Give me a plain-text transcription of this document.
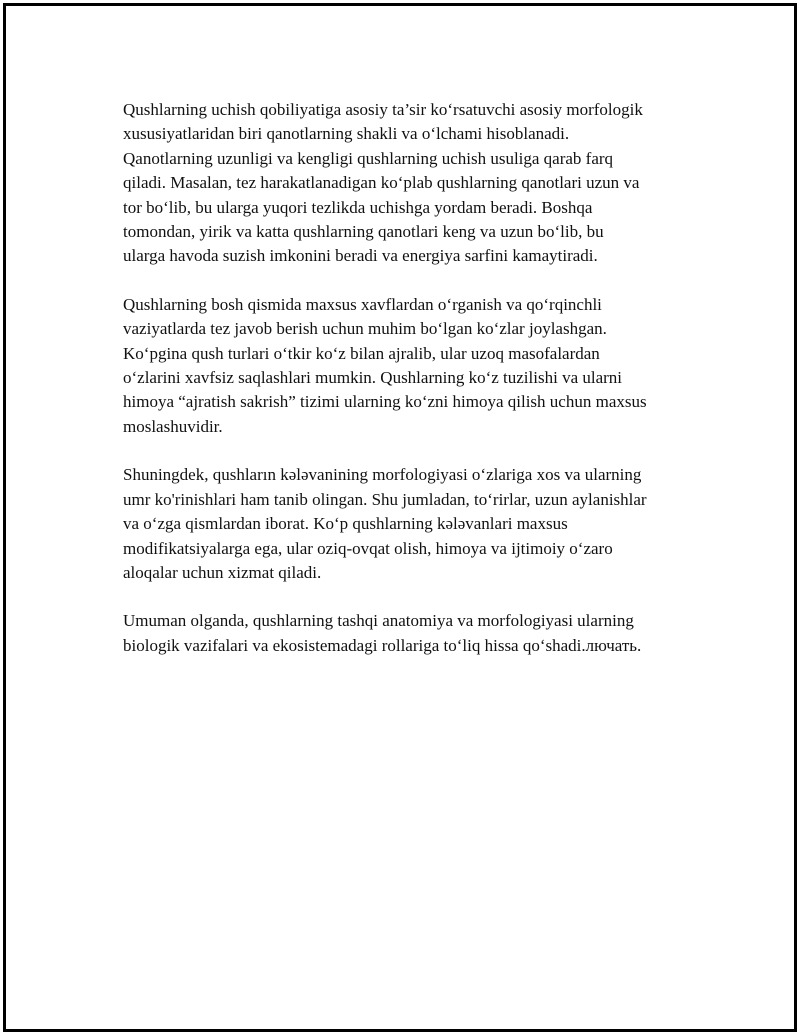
Qushlarning uchish qobiliyatiga asosiy ta’sir ko‘rsatuvchi asosiy morfologik
xususiyatlaridan biri qanotlarning shakli va o‘lchami hisoblanadi.
Qanotlarning uzunligi va kengligi qushlarning uchish usuliga qarab farq
qiladi. Masalan, tez harakatlanadigan ko‘plab qushlarning qanotlari uzun va
tor bo‘lib, bu ularga yuqori tezlikda uchishga yordam beradi. Boshqa
tomondan, yirik va katta qushlarning qanotlari keng va uzun bo‘lib, bu
ularga havoda suzish imkonini beradi va energiya sarfini kamaytiradi.

Qushlarning bosh qismida maxsus xavflardan o‘rganish va qo‘rqinchli
vaziyatlarda tez javob berish uchun muhim bo‘lgan ko‘zlar joylashgan.
Ko‘pgina qush turlari o‘tkir ko‘z bilan ajralib, ular uzoq masofalardan
o‘zlarini xavfsiz saqlashlari mumkin. Qushlarning ko‘z tuzilishi va ularni
himoya “ajratish sakrish” tizimi ularning ko‘zni himoya qilish uchun maxsus
moslashuvidir.

Shuningdek, qushların kələvanining morfologiyasi o‘zlariga xos va ularning
umr ko'rinishlari ham tanib olingan. Shu jumladan, to‘rirlar, uzun aylanishlar
va o‘zga qismlardan iborat. Ko‘p qushlarning kələvanlari maxsus
modifikatsiyalarga ega, ular oziq-ovqat olish, himoya va ijtimoiy o‘zaro
aloqalar uchun xizmat qiladi.

Umuman olganda, qushlarning tashqi anatomiya va morfologiyasi ularning
biologik vazifalari va ekosistemadagi rollariga to‘liq hissa qo‘shadi.лючать.
